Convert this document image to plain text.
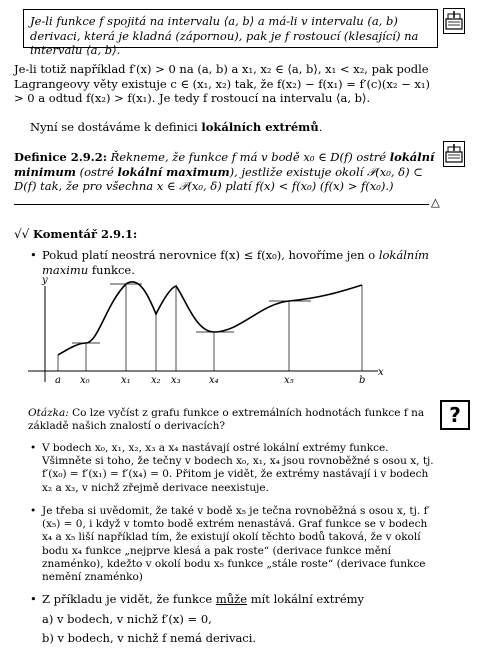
Je-li funkce f spojitá na intervalu ⟨a, b⟩ a má-li v intervalu (a, b) derivaci, která je kladná (zápornou), pak je f rostoucí (klesající) na intervalu ⟨a, b⟩.

Je-li totiž například f′(x) > 0 na (a, b) a x₁, x₂ ∈ ⟨a, b⟩, x₁ < x₂, pak podle Lagrangeovy věty existuje c ∈ (x₁, x₂) tak, že f(x₂) − f(x₁) = f′(c)(x₂ − x₁) > 0 a odtud f(x₂) > f(x₁). Je tedy f rostoucí na intervalu ⟨a, b⟩.

Nyní se dostáváme k definici lokálních extrémů.

Definice 2.9.2: Řekneme, že funkce f má v bodě x₀ ∈ D(f) ostré lokální minimum (ostré lokální maximum), jestliže existuje okolí 𝒫(x₀, δ) ⊂ D(f) tak, že pro všechna x ∈ 𝒫(x₀, δ) platí f(x) < f(x₀) (f(x) > f(x₀).)

△
√√ Komentář 2.9.1:
• Pokud platí neostrá nerovnice f(x) ≤ f(x₀), hovoříme jen o lokálním maximu funkce.

y
x
a x₀	x₁ x₂ x₃	x₄	x₅	b

Otázka: Co lze vyčíst z grafu funkce o extremálních hodnotách funkce f na základě našich znalostí o derivacích?	?
• V bodech x₀, x₁, x₂, x₃ a x₄ nastávají ostré lokální extrémy funkce. Všimněte si toho, že tečny v bodech x₀, x₁, x₄ jsou rovnoběžné s osou x, tj. f′(x₀) = f′(x₁) = f′(x₄) = 0. Přitom je vidět, že extrémy nastávají i v bodech x₂ a x₃, v nichž zřejmě derivace neexistuje.

• Je třeba si uvědomit, že také v bodě x₅ je tečna rovnoběžná s osou x, tj. f′(x₅) = 0, i když v tomto bodě extrém nenastává. Graf funkce se v bodech x₄ a x₅ liší například tím, že existují okolí těchto bodů taková, že v okolí bodu x₄ funkce „nejprve klesá a pak roste“ (derivace funkce mění znaménko), kdežto v okolí bodu x₅ funkce „stále roste“ (derivace funkce nemění znaménko)

• Z příkladu je vidět, že funkce může mít lokální extrémy

a) v bodech, v nichž f′(x) = 0,

b) v bodech, v nichž f nemá derivaci.
